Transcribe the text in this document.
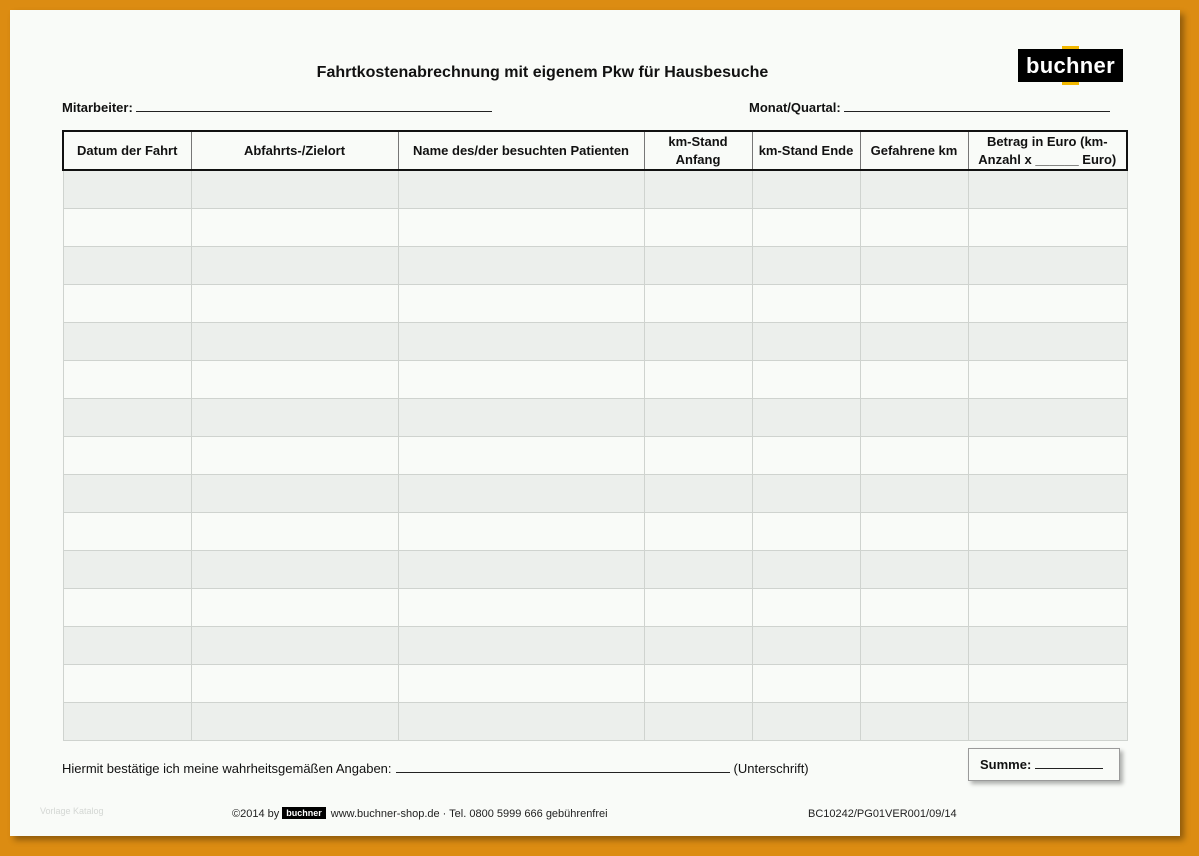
Fahrtkostenabrechnung mit eigenem Pkw für Hausbesuche	buchner
Mitarbeiter:	Monat/Quartal:
Datum der Fahrt	Abfahrts-/Zielort	Name des/der besuchten Patienten	km-Stand Anfang	km-Stand Ende	Gefahrene km	Betrag in Euro (km-Anzahl x ______ Euro)

Hiermit bestätige ich meine wahrheitsgemäßen Angaben:	(Unterschrift)	Summe:
Vorlage Katalog	©2014 by buchner www.buchner-shop.de · Tel. 0800 5999 666 gebührenfrei	BC10242/PG01VER001/09/14
